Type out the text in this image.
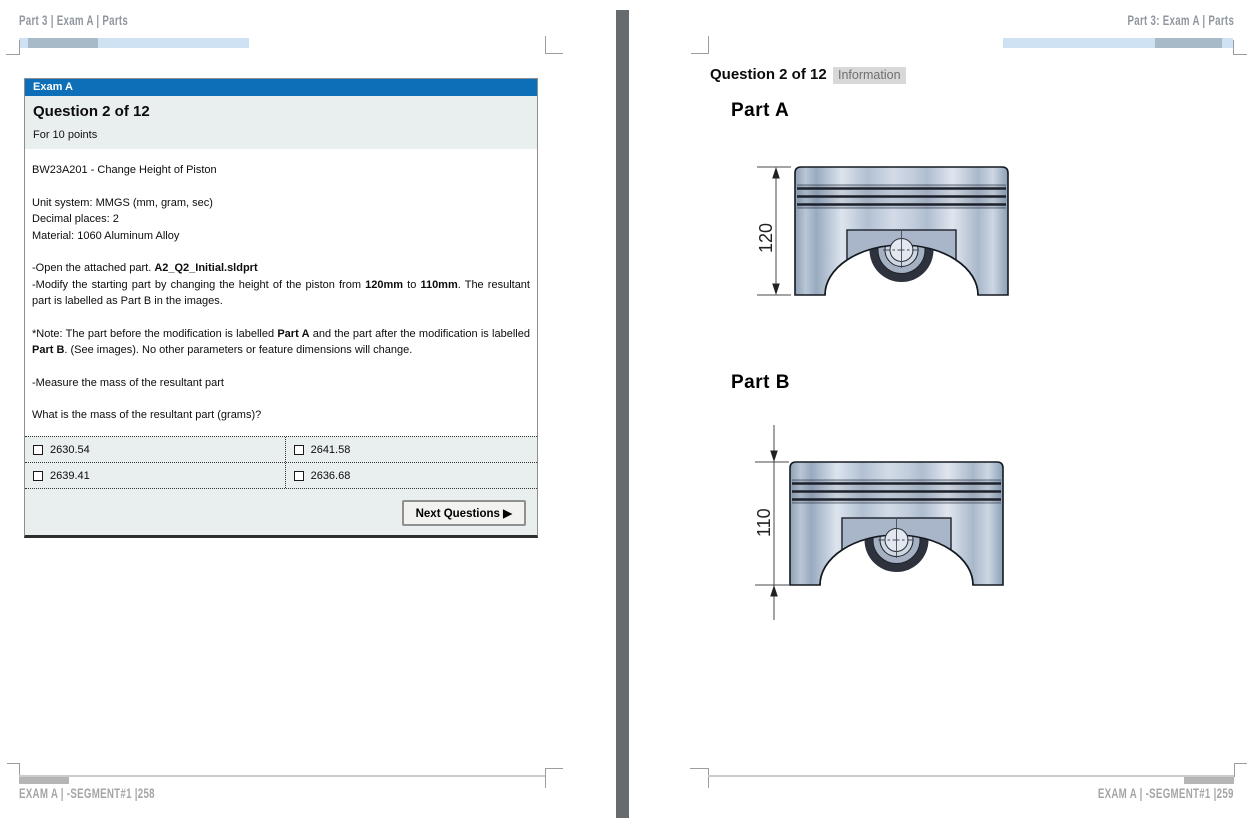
Part 3 | Exam A | Parts
Exam A
Question 2 of 12
For 10 points

BW23A201 - Change Height of Piston

Unit system: MMGS (mm, gram, sec)
Decimal places: 2
Material: 1060 Aluminum Alloy

-Open the attached part. A2_Q2_Initial.sldprt
-Modify the starting part by changing the height of the piston from 120mm to 110mm. The resultant part is labelled as Part B in the images.

*Note: The part before the modification is labelled Part A and the part after the modification is labelled Part B. (See images). No other parameters or feature dimensions will change.

-Measure the mass of the resultant part

What is the mass of the resultant part (grams)?

2630.54	2641.58
2639.41	2636.68
Next Questions ▶
EXAM A | -SEGMENT#1 |258
Part 3: Exam A | Parts
Question 2 of 12 Information
Part A
120
Part B
110
EXAM A | -SEGMENT#1 |259
